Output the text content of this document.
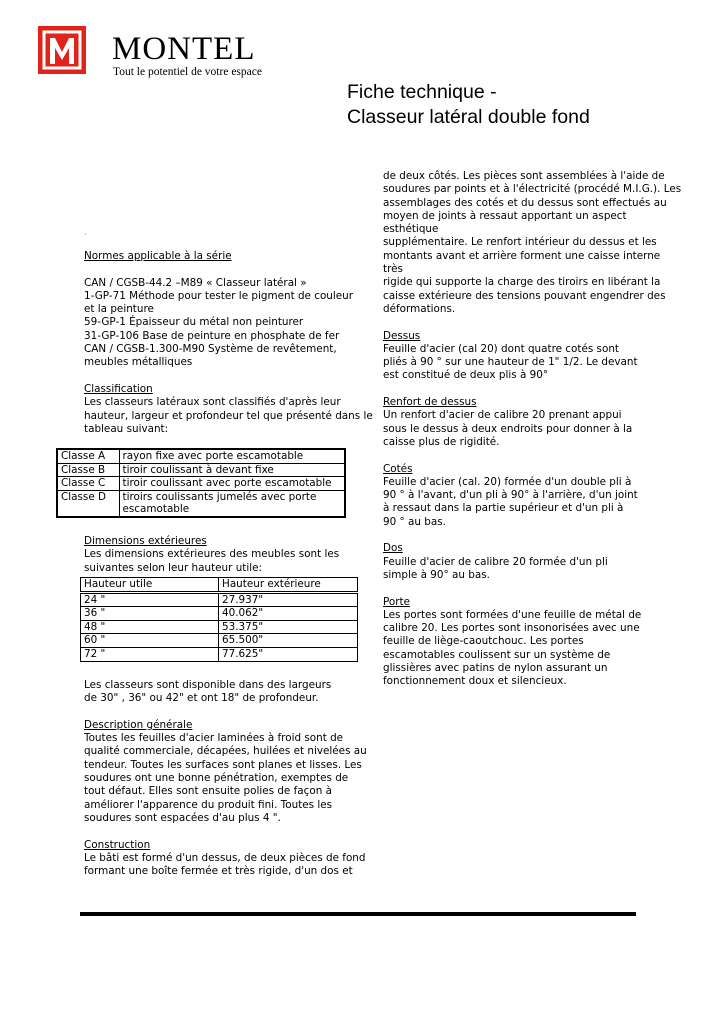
MONTEL
Tout le potentiel de votre espace
Fiche technique -
Classeur latéral double fond
·

Normes applicable à la série

CAN / CGSB-44.2 –M89 « Classeur latéral »

1-GP-71 Méthode pour tester le pigment de couleur

et la peinture

59-GP-1 Épaisseur du métal non peinturer

31-GP-106 Base de peinture en phosphate de fer

CAN / CGSB-1.300-M90 Système de revêtement,

meubles métalliques

Classification

Les classeurs latéraux sont classifiés d'après leur

hauteur, largeur et profondeur tel que présenté dans le

tableau suivant:

Classe A	rayon fixe avec porte escamotable
Classe B	tiroir coulissant à devant fixe
Classe C	tiroir coulissant avec porte escamotable
Classe D	tiroirs coulissants jumelés avec porte escamotable

Dimensions extérieures

Les dimensions extérieures des meubles sont les

suivantes selon leur hauteur utile:

Hauteur utile	Hauteur extérieure
24 "	27.937"
36 "	40.062"
48 "	53.375"
60 "	65.500"
72 "	77.625"

Les classeurs sont disponible dans des largeurs

de 30" , 36" ou 42" et ont 18" de profondeur.

Description générale

Toutes les feuilles d'acier laminées à froid sont de

qualité commerciale, décapées, huilées et nivelées au

tendeur. Toutes les surfaces sont planes et lisses. Les

soudures ont une bonne pénétration, exemptes de

tout défaut. Elles sont ensuite polies de façon à

améliorer l'apparence du produit fini. Toutes les

soudures sont espacées d'au plus 4 ".

Construction

Le bâti est formé d'un dessus, de deux pièces de fond

formant une boîte fermée et très rigide, d'un dos et

de deux côtés. Les pièces sont assemblées à l'aide de

soudures par points et à l'électricité (procédé M.I.G.). Les

assemblages des cotés et du dessus sont effectués au

moyen de joints à ressaut apportant un aspect esthétique

supplémentaire. Le renfort intérieur du dessus et les

montants avant et arrière forment une caisse interne très

rigide qui supporte la charge des tiroirs en libérant la

caisse extérieure des tensions pouvant engendrer des

déformations.

Dessus

Feuille d'acier (cal 20) dont quatre cotés sont

pliés à 90 ° sur une hauteur de 1" 1/2. Le devant

est constitué de deux plis à 90°

Renfort de dessus

Un renfort d'acier de calibre 20 prenant appui

sous le dessus à deux endroits pour donner à la

caisse plus de rigidité.

Cotés

Feuille d'acier (cal. 20) formée d'un double pli à

90 ° à l'avant, d'un pli à 90° à l'arrière, d'un joint

à ressaut dans la partie supérieur et d'un pli à

90 ° au bas.

Dos

Feuille d'acier de calibre 20 formée d'un pli

simple à 90° au bas.

Porte

Les portes sont formées d'une feuille de métal de

calibre 20. Les portes sont insonorisées avec une

feuille de liège-caoutchouc. Les portes

escamotables coulissent sur un système de

glissières avec patins de nylon assurant un

fonctionnement doux et silencieux.
